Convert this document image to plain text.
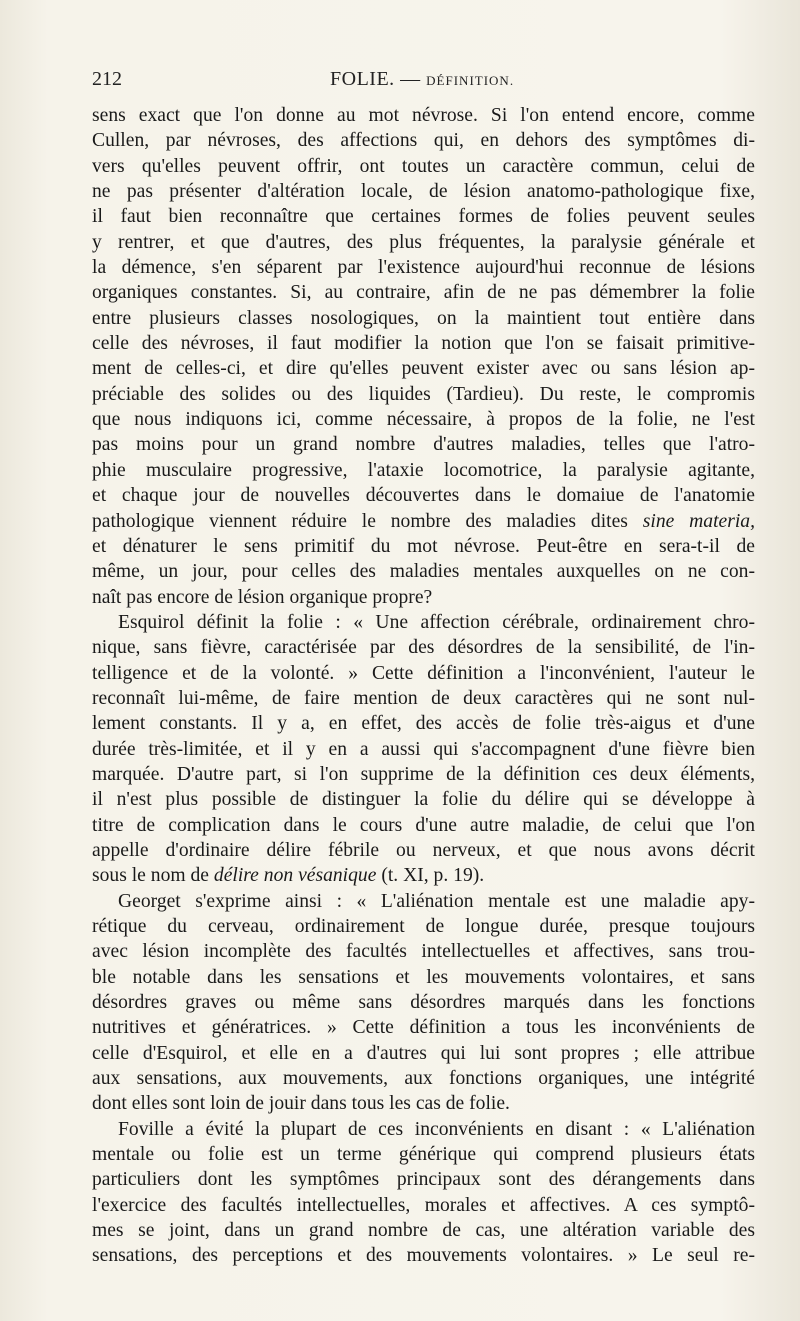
212	FOLIE. — DÉFINITION.
sens exact que l'on donne au mot névrose. Si l'on entend encore, comme
Cullen, par névroses, des affections qui, en dehors des symptômes di-
vers qu'elles peuvent offrir, ont toutes un caractère commun, celui de
ne pas présenter d'altération locale, de lésion anatomo-pathologique fixe,
il faut bien reconnaître que certaines formes de folies peuvent seules
y rentrer, et que d'autres, des plus fréquentes, la paralysie générale et
la démence, s'en séparent par l'existence aujourd'hui reconnue de lésions
organiques constantes. Si, au contraire, afin de ne pas démembrer la folie
entre plusieurs classes nosologiques, on la maintient tout entière dans
celle des névroses, il faut modifier la notion que l'on se faisait primitive-
ment de celles-ci, et dire qu'elles peuvent exister avec ou sans lésion ap-
préciable des solides ou des liquides (Tardieu). Du reste, le compromis
que nous indiquons ici, comme nécessaire, à propos de la folie, ne l'est
pas moins pour un grand nombre d'autres maladies, telles que l'atro-
phie musculaire progressive, l'ataxie locomotrice, la paralysie agitante,
et chaque jour de nouvelles découvertes dans le domaiue de l'anatomie
pathologique viennent réduire le nombre des maladies dites sine materia,
et dénaturer le sens primitif du mot névrose. Peut-être en sera-t-il de
même, un jour, pour celles des maladies mentales auxquelles on ne con-
naît pas encore de lésion organique propre?
Esquirol définit la folie : « Une affection cérébrale, ordinairement chro-
nique, sans fièvre, caractérisée par des désordres de la sensibilité, de l'in-
telligence et de la volonté. » Cette définition a l'inconvénient, l'auteur le
reconnaît lui-même, de faire mention de deux caractères qui ne sont nul-
lement constants. Il y a, en effet, des accès de folie très-aigus et d'une
durée très-limitée, et il y en a aussi qui s'accompagnent d'une fièvre bien
marquée. D'autre part, si l'on supprime de la définition ces deux éléments,
il n'est plus possible de distinguer la folie du délire qui se développe à
titre de complication dans le cours d'une autre maladie, de celui que l'on
appelle d'ordinaire délire fébrile ou nerveux, et que nous avons décrit
sous le nom de délire non vésanique (t. XI, p. 19).
Georget s'exprime ainsi : « L'aliénation mentale est une maladie apy-
rétique du cerveau, ordinairement de longue durée, presque toujours
avec lésion incomplète des facultés intellectuelles et affectives, sans trou-
ble notable dans les sensations et les mouvements volontaires, et sans
désordres graves ou même sans désordres marqués dans les fonctions
nutritives et génératrices. » Cette définition a tous les inconvénients de
celle d'Esquirol, et elle en a d'autres qui lui sont propres ; elle attribue
aux sensations, aux mouvements, aux fonctions organiques, une intégrité
dont elles sont loin de jouir dans tous les cas de folie.
Foville a évité la plupart de ces inconvénients en disant : « L'aliénation
mentale ou folie est un terme générique qui comprend plusieurs états
particuliers dont les symptômes principaux sont des dérangements dans
l'exercice des facultés intellectuelles, morales et affectives. A ces symptô-
mes se joint, dans un grand nombre de cas, une altération variable des
sensations, des perceptions et des mouvements volontaires. » Le seul re-
